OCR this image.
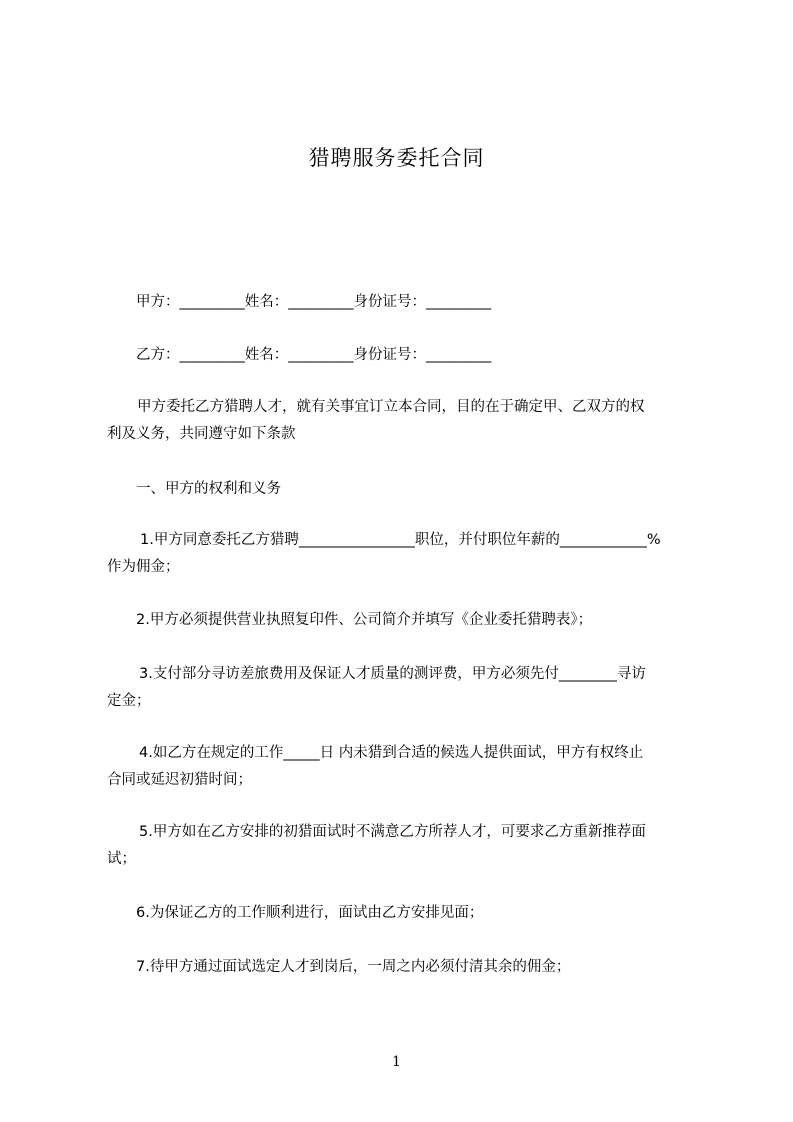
猎聘服务委托合同
甲方：_________姓名：_________身份证号：_________
乙方：_________姓名：_________身份证号：_________
甲方委托乙方猎聘人才，就有关事宜订立本合同，目的在于确定甲、乙双方的权
利及义务，共同遵守如下条款
一、甲方的权利和义务
1.甲方同意委托乙方猎聘________________职位，并付职位年薪的____________%
作为佣金；
2.甲方必须提供营业执照复印件、公司简介并填写《企业委托猎聘表》；
3.支付部分寻访差旅费用及保证人才质量的测评费，甲方必须先付________寻访
定金；
4.如乙方在规定的工作_____日 内未猎到合适的候选人提供面试，甲方有权终止
合同或延迟初猎时间；
5.甲方如在乙方安排的初猎面试时不满意乙方所荐人才，可要求乙方重新推荐面
试；
6.为保证乙方的工作顺利进行，面试由乙方安排见面；
7.待甲方通过面试选定人才到岗后，一周之内必须付清其余的佣金；
1
